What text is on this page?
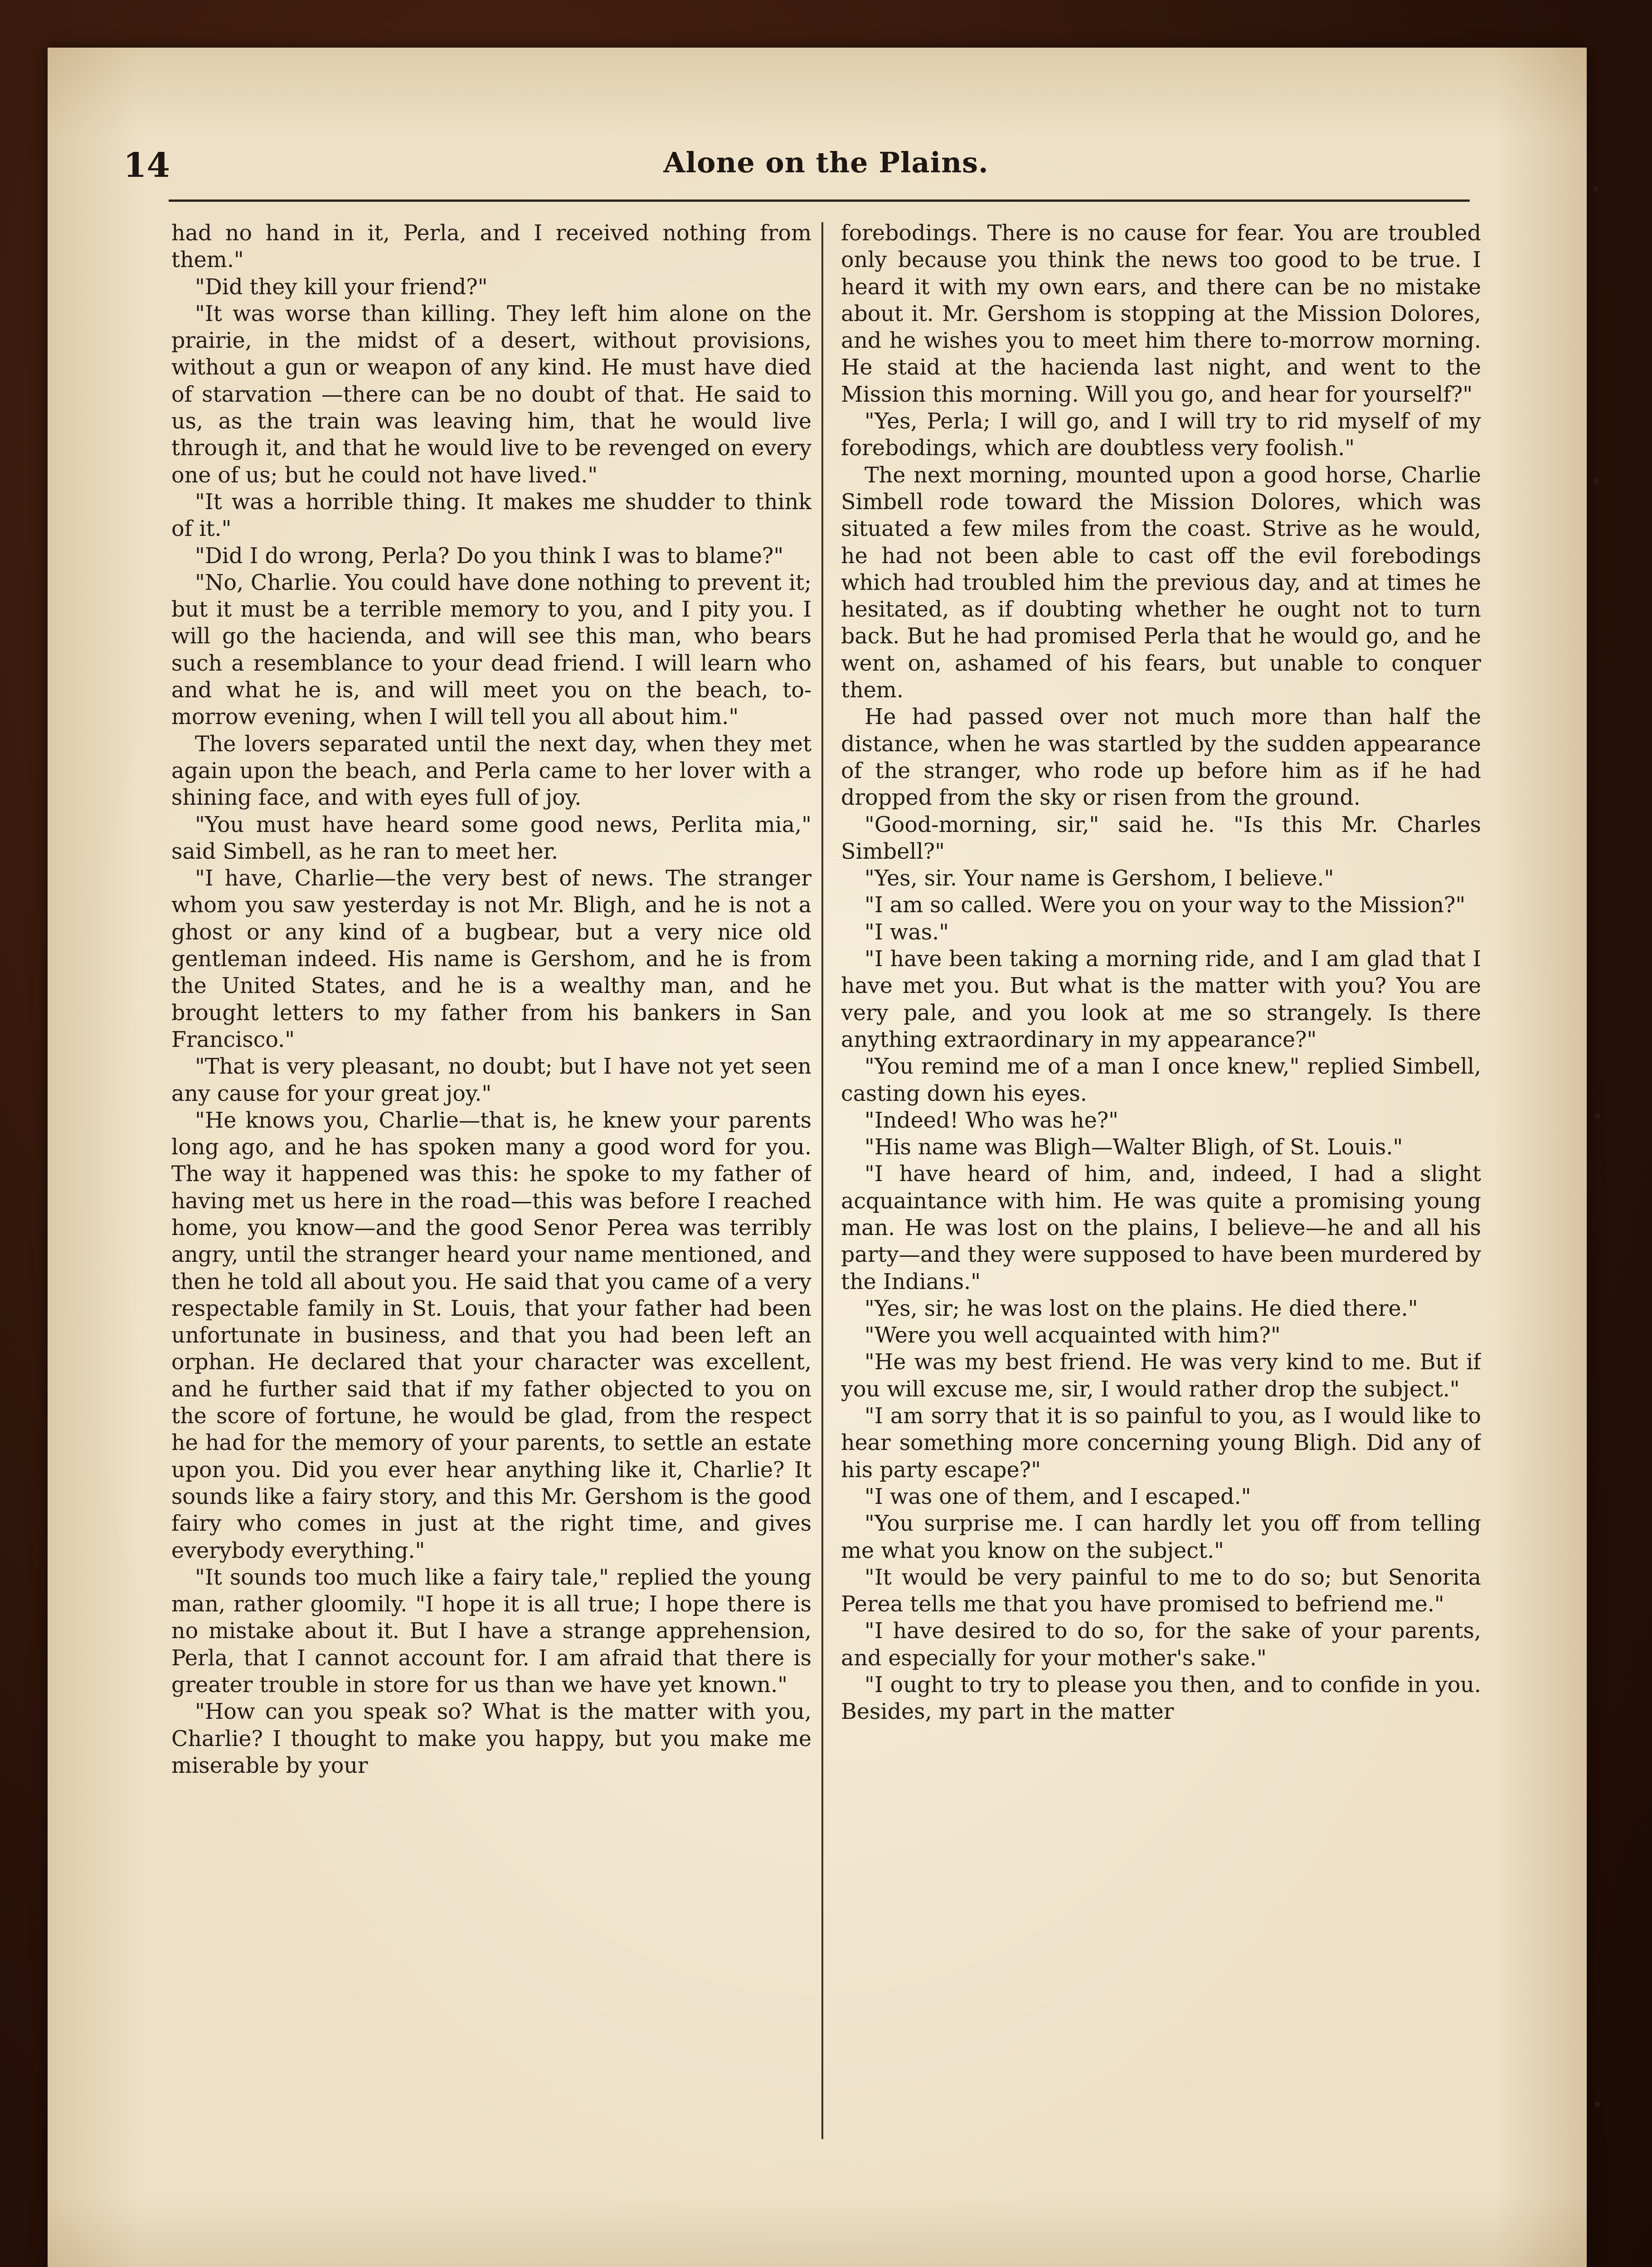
14	Alone on the Plains.

had no hand in it, Perla, and I received nothing from them."

"Did they kill your friend?"

"It was worse than killing. They left him alone on the prairie, in the midst of a desert, without provisions, without a gun or weapon of any kind. He must have died of starvation —there can be no doubt of that. He said to us, as the train was leaving him, that he would live through it, and that he would live to be revenged on every one of us; but he could not have lived."

"It was a horrible thing. It makes me shudder to think of it."

"Did I do wrong, Perla? Do you think I was to blame?"

"No, Charlie. You could have done nothing to prevent it; but it must be a terrible memory to you, and I pity you. I will go the hacienda, and will see this man, who bears such a resemblance to your dead friend. I will learn who and what he is, and will meet you on the beach, to-morrow evening, when I will tell you all about him."

The lovers separated until the next day, when they met again upon the beach, and Perla came to her lover with a shining face, and with eyes full of joy.

"You must have heard some good news, Perlita mia," said Simbell, as he ran to meet her.

"I have, Charlie—the very best of news. The stranger whom you saw yesterday is not Mr. Bligh, and he is not a ghost or any kind of a bugbear, but a very nice old gentleman indeed. His name is Gershom, and he is from the United States, and he is a wealthy man, and he brought letters to my father from his bankers in San Francisco."

"That is very pleasant, no doubt; but I have not yet seen any cause for your great joy."

"He knows you, Charlie—that is, he knew your parents long ago, and he has spoken many a good word for you. The way it happened was this: he spoke to my father of having met us here in the road—this was before I reached home, you know—and the good Senor Perea was terribly angry, until the stranger heard your name mentioned, and then he told all about you. He said that you came of a very respectable family in St. Louis, that your father had been unfortunate in business, and that you had been left an orphan. He declared that your character was excellent, and he further said that if my father objected to you on the score of fortune, he would be glad, from the respect he had for the memory of your parents, to settle an estate upon you. Did you ever hear anything like it, Charlie? It sounds like a fairy story, and this Mr. Gershom is the good fairy who comes in just at the right time, and gives everybody everything."

"It sounds too much like a fairy tale," replied the young man, rather gloomily. "I hope it is all true; I hope there is no mistake about it. But I have a strange apprehension, Perla, that I cannot account for. I am afraid that there is greater trouble in store for us than we have yet known."

"How can you speak so? What is the matter with you, Charlie? I thought to make you happy, but you make me miserable by your

forebodings. There is no cause for fear. You are troubled only because you think the news too good to be true. I heard it with my own ears, and there can be no mistake about it. Mr. Gershom is stopping at the Mission Dolores, and he wishes you to meet him there to-morrow morning. He staid at the hacienda last night, and went to the Mission this morning. Will you go, and hear for yourself?"

"Yes, Perla; I will go, and I will try to rid myself of my forebodings, which are doubtless very foolish."

The next morning, mounted upon a good horse, Charlie Simbell rode toward the Mission Dolores, which was situated a few miles from the coast. Strive as he would, he had not been able to cast off the evil forebodings which had troubled him the previous day, and at times he hesitated, as if doubting whether he ought not to turn back. But he had promised Perla that he would go, and he went on, ashamed of his fears, but unable to conquer them.

He had passed over not much more than half the distance, when he was startled by the sudden appearance of the stranger, who rode up before him as if he had dropped from the sky or risen from the ground.

"Good-morning, sir," said he. "Is this Mr. Charles Simbell?"

"Yes, sir. Your name is Gershom, I believe."

"I am so called. Were you on your way to the Mission?"

"I was."

"I have been taking a morning ride, and I am glad that I have met you. But what is the matter with you? You are very pale, and you look at me so strangely. Is there anything extraordinary in my appearance?"

"You remind me of a man I once knew," replied Simbell, casting down his eyes.

"Indeed! Who was he?"

"His name was Bligh—Walter Bligh, of St. Louis."

"I have heard of him, and, indeed, I had a slight acquaintance with him. He was quite a promising young man. He was lost on the plains, I believe—he and all his party—and they were supposed to have been murdered by the Indians."

"Yes, sir; he was lost on the plains. He died there."

"Were you well acquainted with him?"

"He was my best friend. He was very kind to me. But if you will excuse me, sir, I would rather drop the subject."

"I am sorry that it is so painful to you, as I would like to hear something more concerning young Bligh. Did any of his party escape?"

"I was one of them, and I escaped."

"You surprise me. I can hardly let you off from telling me what you know on the subject."

"It would be very painful to me to do so; but Senorita Perea tells me that you have promised to befriend me."

"I have desired to do so, for the sake of your parents, and especially for your mother's sake."

"I ought to try to please you then, and to confide in you. Besides, my part in the matter

•
•
•
•
